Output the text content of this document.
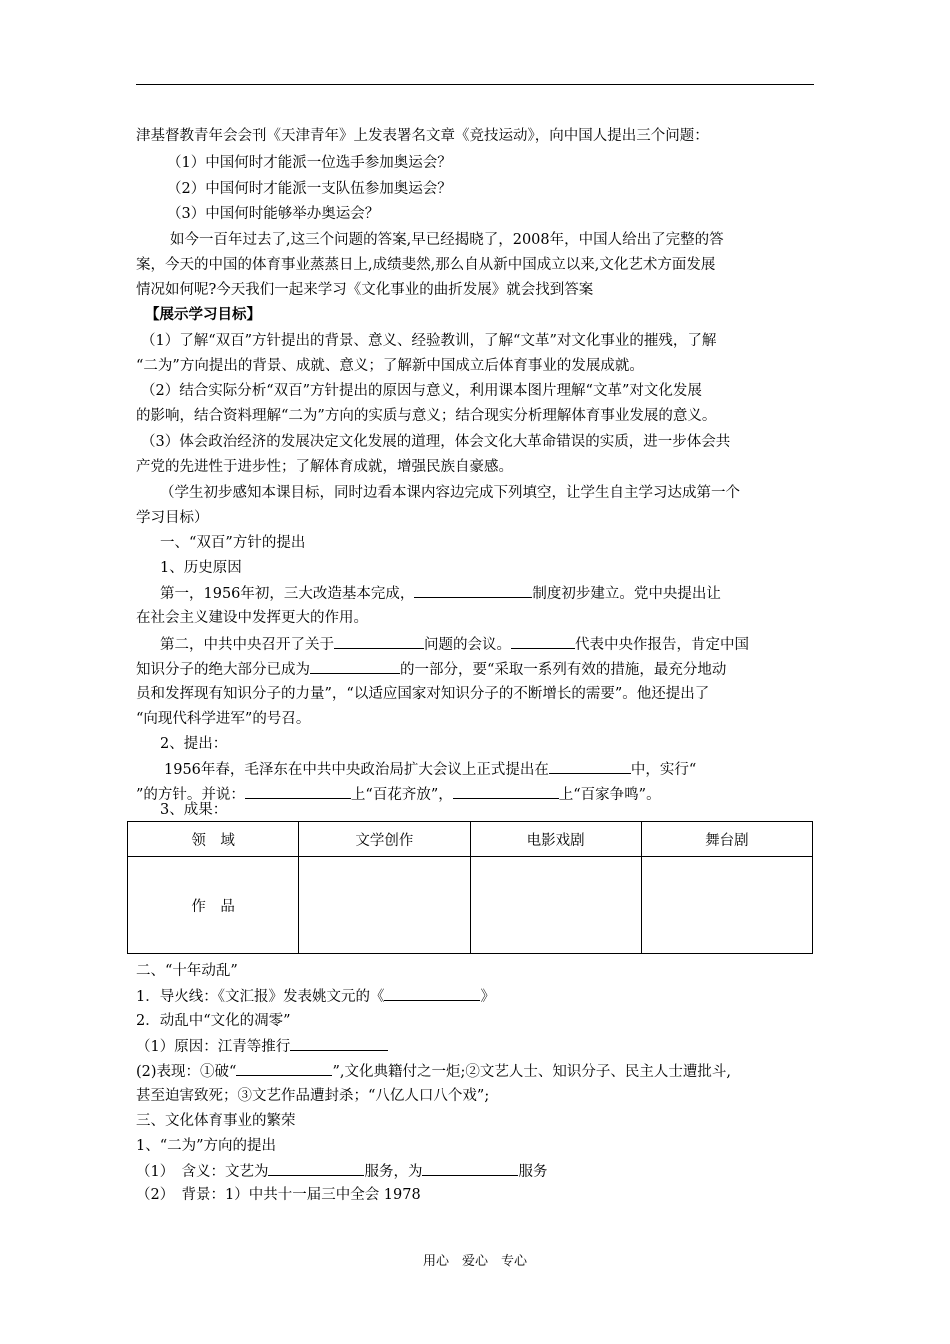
津基督教青年会会刊《天津青年》上发表署名文章《竞技运动》，向中国人提出三个问题：
（1）中国何时才能派一位选手参加奥运会？
（2）中国何时才能派一支队伍参加奥运会？
（3）中国何时能够举办奥运会？
如今一百年过去了,这三个问题的答案,早已经揭晓了，2008年，中国人给出了完整的答
案，今天的中国的体育事业蒸蒸日上,成绩斐然,那么自从新中国成立以来,文化艺术方面发展
情况如何呢?今天我们一起来学习《文化事业的曲折发展》就会找到答案
【展示学习目标】
（1）了解“双百”方针提出的背景、意义、经验教训，了解“文革”对文化事业的摧残，了解
“二为”方向提出的背景、成就、意义；了解新中国成立后体育事业的发展成就。
（2）结合实际分析“双百”方针提出的原因与意义，利用课本图片理解“文革”对文化发展
的影响，结合资料理解“二为”方向的实质与意义；结合现实分析理解体育事业发展的意义。
（3）体会政治经济的发展决定文化发展的道理，体会文化大革命错误的实质，进一步体会共
产党的先进性于进步性；了解体育成就，增强民族自豪感。
（学生初步感知本课目标，同时边看本课内容边完成下列填空，让学生自主学习达成第一个
学习目标）
一、“双百”方针的提出
1、历史原因
第一，1956年初，三大改造基本完成，	制度初步建立。党中央提出让
在社会主义建设中发挥更大的作用。
第二，中共中央召开了关于	问题的会议。	代表中央作报告，肯定中国
知识分子的绝大部分已成为	的一部分，要“采取一系列有效的措施，最充分地动
员和发挥现有知识分子的力量”，“以适应国家对知识分子的不断增长的需要”。他还提出了
“向现代科学进军”的号召。
2、提出：
1956年春，毛泽东在中共中央政治局扩大会议上正式提出在	中，实行“
”的方针。并说：	上“百花齐放”，	上“百家争鸣”。
3、成果：
领　域	文学创作	电影戏剧	舞台剧
作　品			
二、“十年动乱”
1．导火线：《文汇报》发表姚文元的《	》
2．动乱中“文化的凋零”
（1）原因：江青等推行
(2)表现：①破“	”,文化典籍付之一炬;②文艺人士、知识分子、民主人士遭批斗,
甚至迫害致死；③文艺作品遭封杀；“八亿人口八个戏”;
三、文化体育事业的繁荣
1、“二为”方向的提出
（1）　含义：文艺为	服务，为	服务
（2）　背景：1）中共十一届三中全会 1978
用心　爱心　专心
